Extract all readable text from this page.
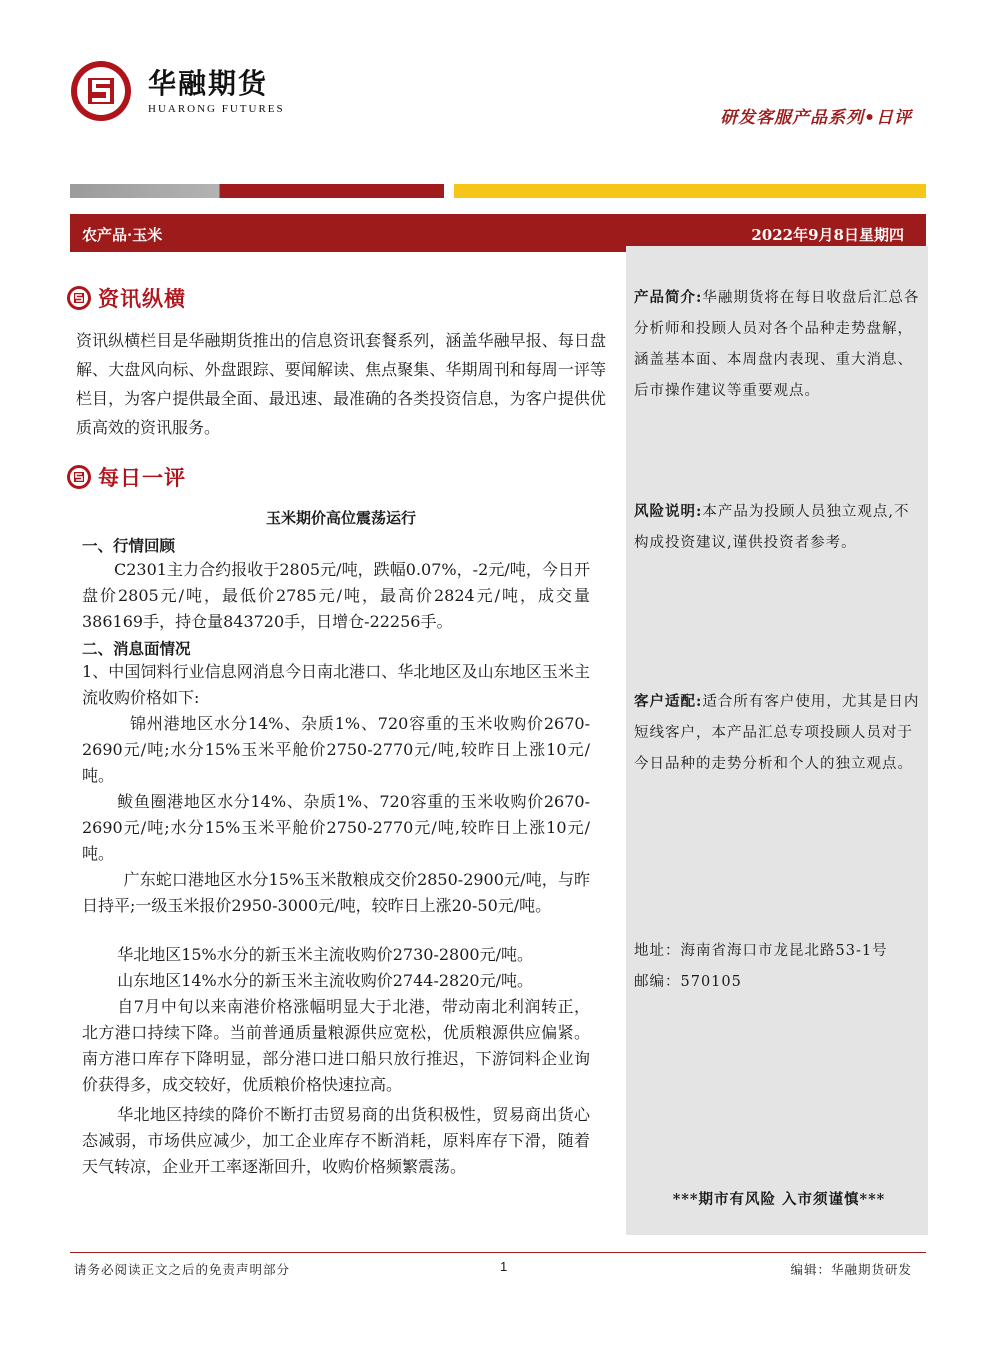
华融期货
HUARONG FUTURES	研发客服产品系列•日评
农产品·玉米	2022年9月8日星期四
产品简介:华融期货将在每日收盘后汇总各分析师和投顾人员对各个品种走势盘解，涵盖基本面、本周盘内表现、重大消息、后市操作建议等重要观点。
风险说明:本产品为投顾人员独立观点,不构成投资建议,谨供投资者参考。
客户适配:适合所有客户使用，尤其是日内短线客户，本产品汇总专项投顾人员对于今日品种的走势分析和个人的独立观点。
地址：海南省海口市龙昆北路53-1号
邮编：570105
***期市有风险 入市须谨慎***
资讯纵横
资讯纵横栏目是华融期货推出的信息资讯套餐系列，涵盖华融早报、每日盘解、大盘风向标、外盘跟踪、要闻解读、焦点聚集、华期周刊和每周一评等栏目，为客户提供最全面、最迅速、最准确的各类投资信息，为客户提供优质高效的资讯服务。
每日一评
玉米期价高位震荡运行
一、行情回顾
C2301主力合约报收于2805元/吨，跌幅0.07%，-2元/吨，今日开盘价2805元/吨，最低价2785元/吨，最高价2824元/吨，成交量386169手，持仓量843720手，日增仓-22256手。
二、消息面情况
1、中国饲料行业信息网消息今日南北港口、华北地区及山东地区玉米主流收购价格如下:
锦州港地区水分14%、杂质1%、720容重的玉米收购价2670-2690元/吨;水分15%玉米平舱价2750-2770元/吨,较昨日上涨10元/吨。
鲅鱼圈港地区水分14%、杂质1%、720容重的玉米收购价2670-2690元/吨;水分15%玉米平舱价2750-2770元/吨,较昨日上涨10元/吨。
广东蛇口港地区水分15%玉米散粮成交价2850-2900元/吨，与昨日持平;一级玉米报价2950-3000元/吨，较昨日上涨20-50元/吨。
华北地区15%水分的新玉米主流收购价2730-2800元/吨。
山东地区14%水分的新玉米主流收购价2744-2820元/吨。
自7月中旬以来南港价格涨幅明显大于北港，带动南北利润转正，北方港口持续下降。当前普通质量粮源供应宽松，优质粮源供应偏紧。南方港口库存下降明显，部分港口进口船只放行推迟，下游饲料企业询价获得多，成交较好，优质粮价格快速拉高。
华北地区持续的降价不断打击贸易商的出货积极性，贸易商出货心态减弱，市场供应减少，加工企业库存不断消耗，原料库存下滑，随着天气转凉，企业开工率逐渐回升，收购价格频繁震荡。
请务必阅读正文之后的免责声明部分	1	编辑：华融期货研发
